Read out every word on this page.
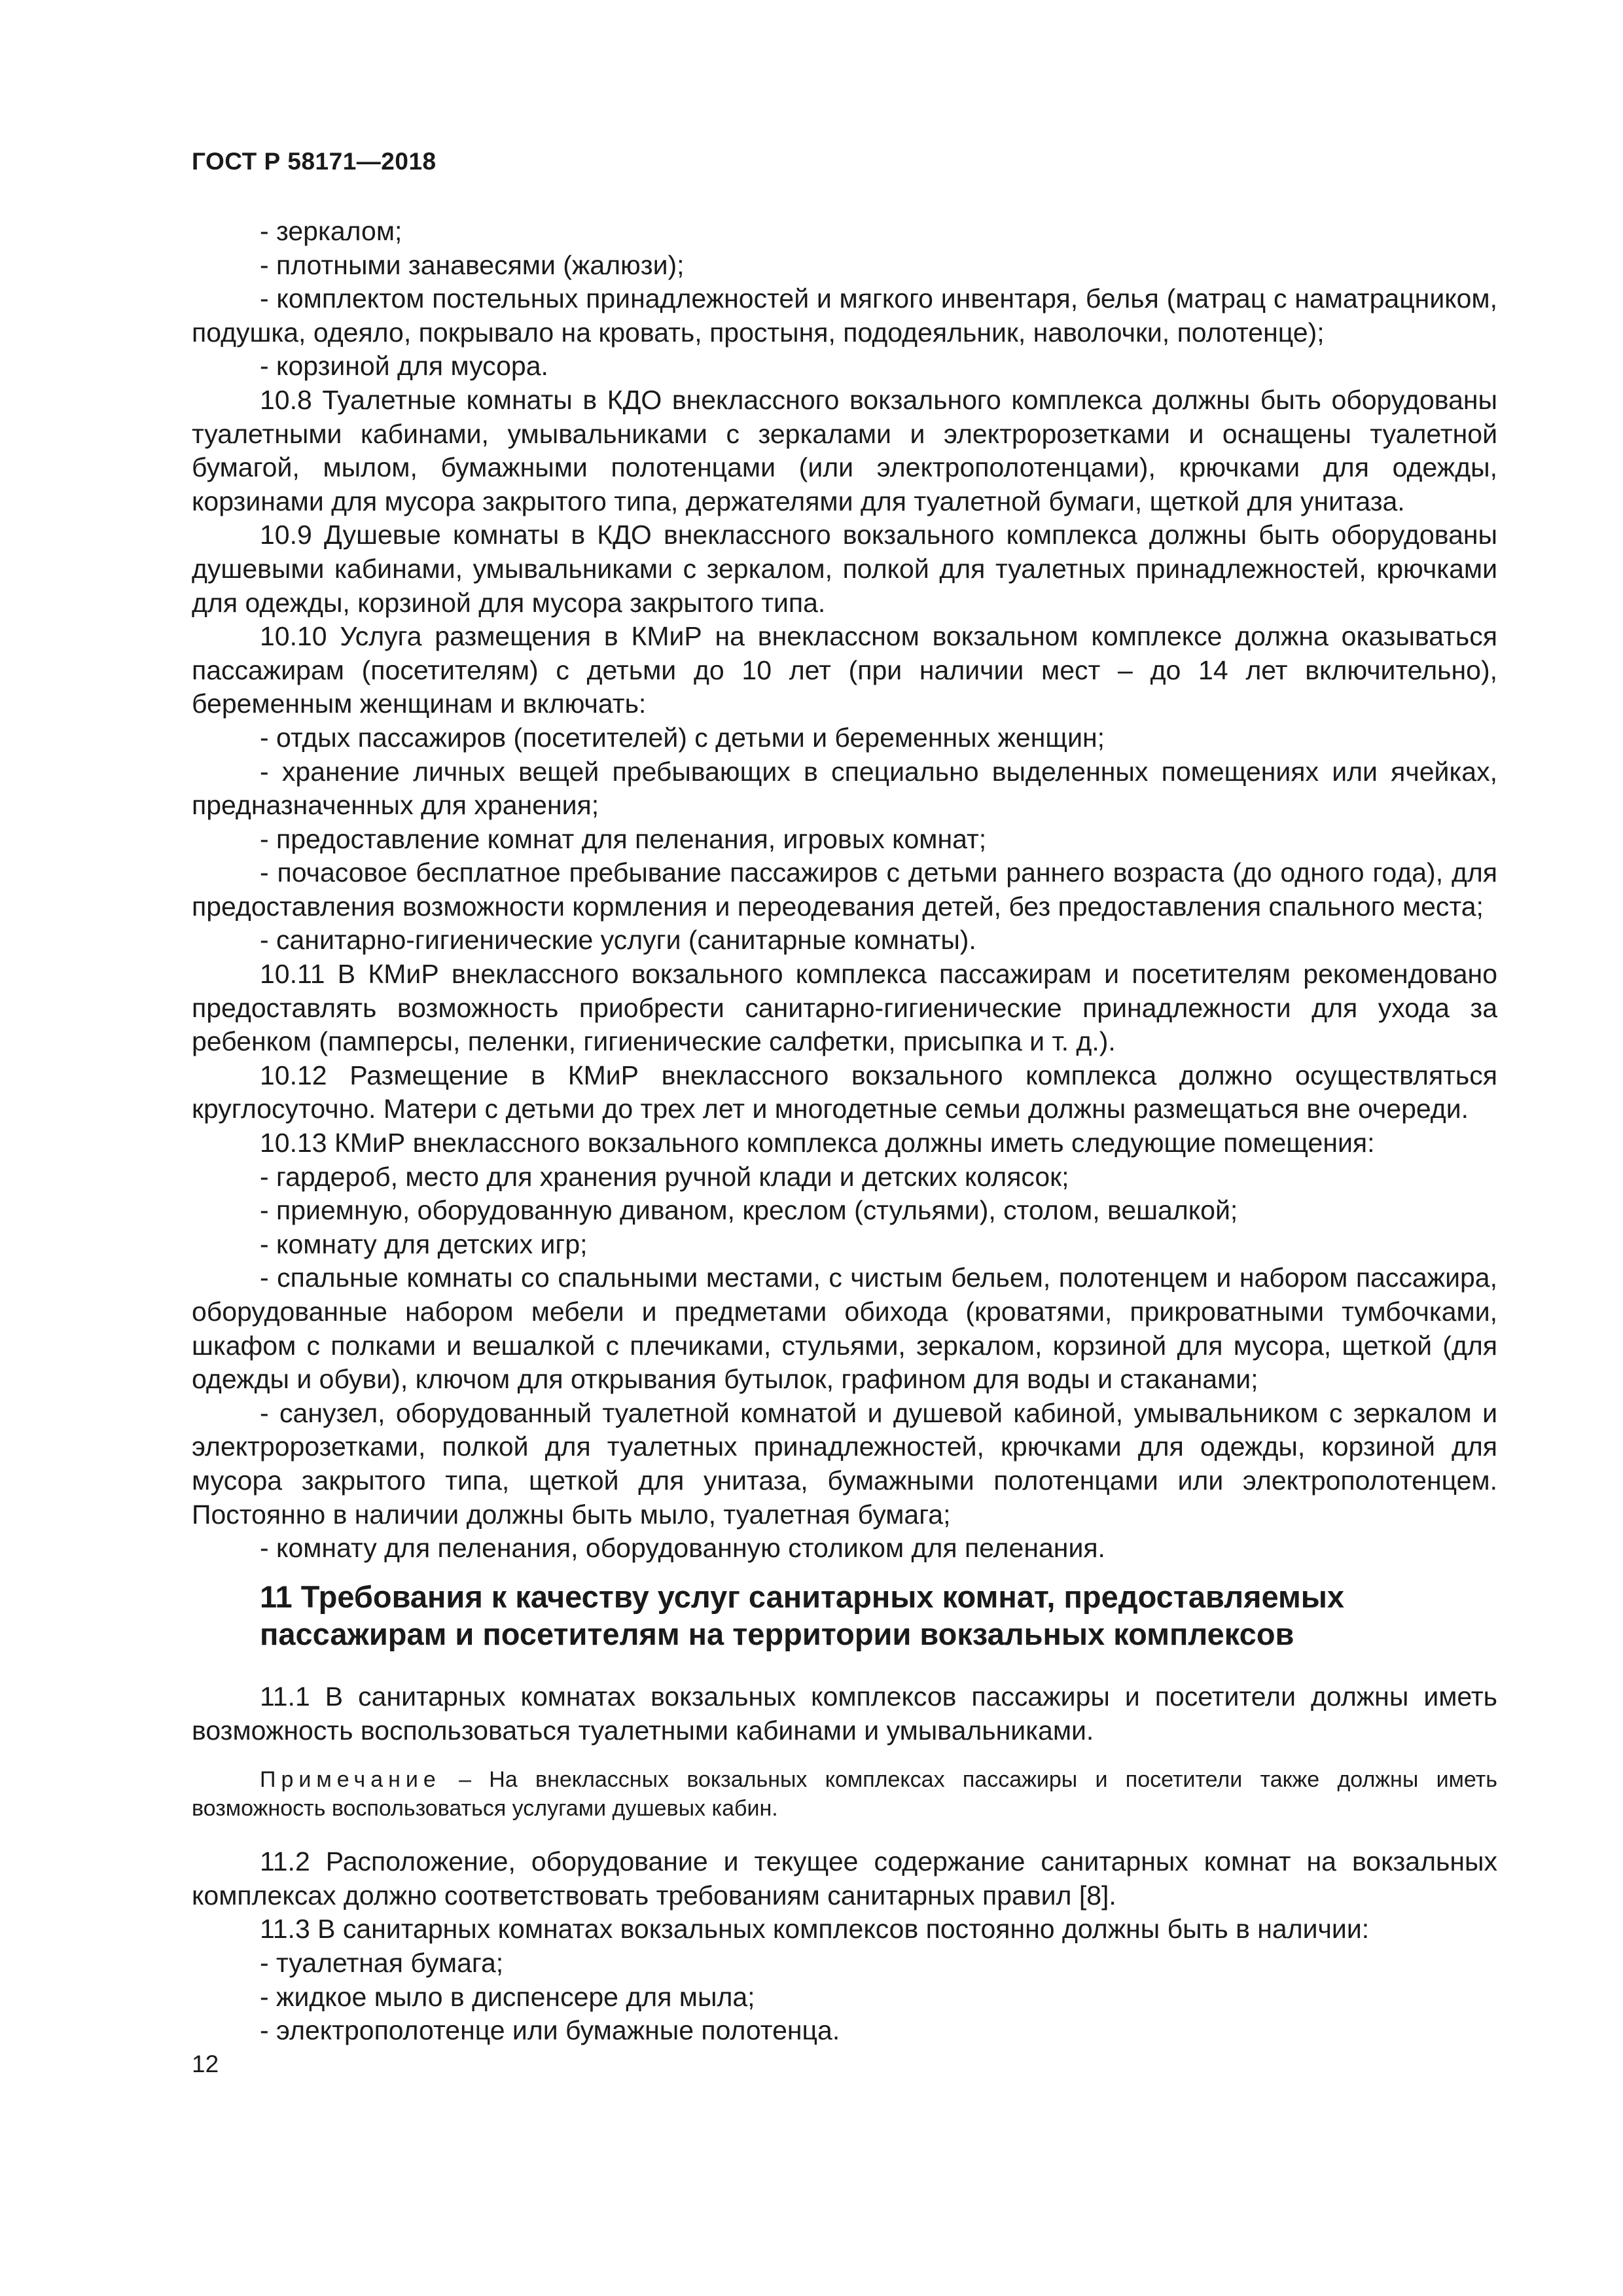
ГОСТ Р 58171—2018

- зеркалом;

- плотными занавесями (жалюзи);

- комплектом постельных принадлежностей и мягкого инвентаря, белья (матрац с наматрацником, подушка, одеяло, покрывало на кровать, простыня, пододеяльник, наволочки, полотенце);

- корзиной для мусора.

10.8 Туалетные комнаты в КДО внеклассного вокзального комплекса должны быть оборудованы туалетными кабинами, умывальниками с зеркалами и электророзетками и оснащены туалетной бумагой, мылом, бумажными полотенцами (или электрополотенцами), крючками для одежды, корзинами для мусора закрытого типа, держателями для туалетной бумаги, щеткой для унитаза.

10.9 Душевые комнаты в КДО внеклассного вокзального комплекса должны быть оборудованы душевыми кабинами, умывальниками с зеркалом, полкой для туалетных принадлежностей, крючками для одежды, корзиной для мусора закрытого типа.

10.10 Услуга размещения в КМиР на внеклассном вокзальном комплексе должна оказываться пассажирам (посетителям) с детьми до 10 лет (при наличии мест – до 14 лет включительно), беременным женщинам и включать:

- отдых пассажиров (посетителей) с детьми и беременных женщин;

- хранение личных вещей пребывающих в специально выделенных помещениях или ячейках, предназначенных для хранения;

- предоставление комнат для пеленания, игровых комнат;

- почасовое бесплатное пребывание пассажиров с детьми раннего возраста (до одного года), для предоставления возможности кормления и переодевания детей, без предоставления спального места;

- санитарно-гигиенические услуги (санитарные комнаты).

10.11 В КМиР внеклассного вокзального комплекса пассажирам и посетителям рекомендовано предоставлять возможность приобрести санитарно-гигиенические принадлежности для ухода за ребенком (памперсы, пеленки, гигиенические салфетки, присыпка и т. д.).

10.12 Размещение в КМиР внеклассного вокзального комплекса должно осуществляться круглосуточно. Матери с детьми до трех лет и многодетные семьи должны размещаться вне очереди.

10.13 КМиР внеклассного вокзального комплекса должны иметь следующие помещения:

- гардероб, место для хранения ручной клади и детских колясок;

- приемную, оборудованную диваном, креслом (стульями), столом, вешалкой;

- комнату для детских игр;

- спальные комнаты со спальными местами, с чистым бельем, полотенцем и набором пассажира, оборудованные набором мебели и предметами обихода (кроватями, прикроватными тумбочками, шкафом с полками и вешалкой с плечиками, стульями, зеркалом, корзиной для мусора, щеткой (для одежды и обуви), ключом для открывания бутылок, графином для воды и стаканами;

- санузел, оборудованный туалетной комнатой и душевой кабиной, умывальником с зеркалом и электророзетками, полкой для туалетных принадлежностей, крючками для одежды, корзиной для мусора закрытого типа, щеткой для унитаза, бумажными полотенцами или электрополотенцем. Постоянно в наличии должны быть мыло, туалетная бумага;

- комнату для пеленания, оборудованную столиком для пеленания.

11 Требования к качеству услуг санитарных комнат, предоставляемых пассажирам и посетителям на территории вокзальных комплексов

11.1 В санитарных комнатах вокзальных комплексов пассажиры и посетители должны иметь возможность воспользоваться туалетными кабинами и умывальниками.

Примечание – На внеклассных вокзальных комплексах пассажиры и посетители также должны иметь возможность воспользоваться услугами душевых кабин.

11.2 Расположение, оборудование и текущее содержание санитарных комнат на вокзальных комплексах должно соответствовать требованиям санитарных правил [8].

11.3 В санитарных комнатах вокзальных комплексов постоянно должны быть в наличии:

- туалетная бумага;

- жидкое мыло в диспенсере для мыла;

- электрополотенце или бумажные полотенца.

12
